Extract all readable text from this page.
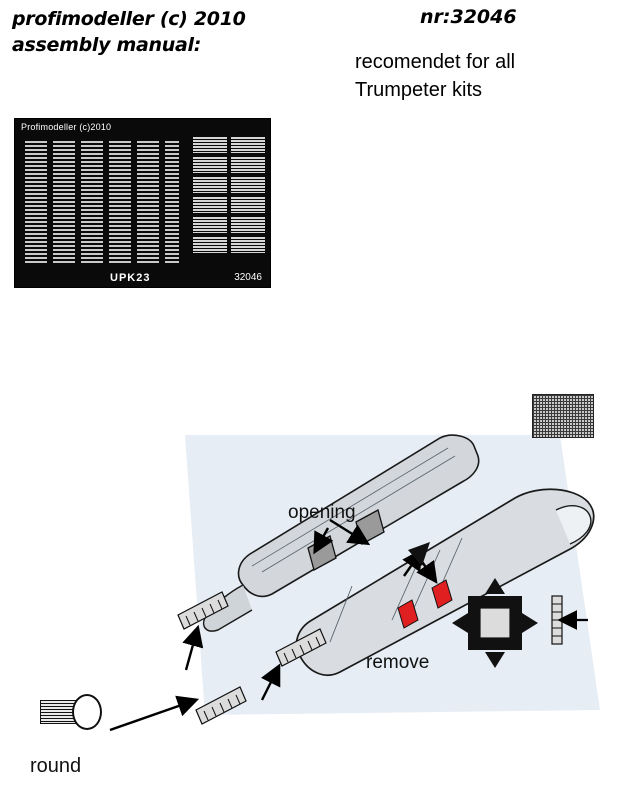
profimodeller (c) 2010
assembly manual:
nr:32046
recomendet for all Trumpeter kits
Profimodeller (c)2010
UPK23	32046
opening
remove
round
